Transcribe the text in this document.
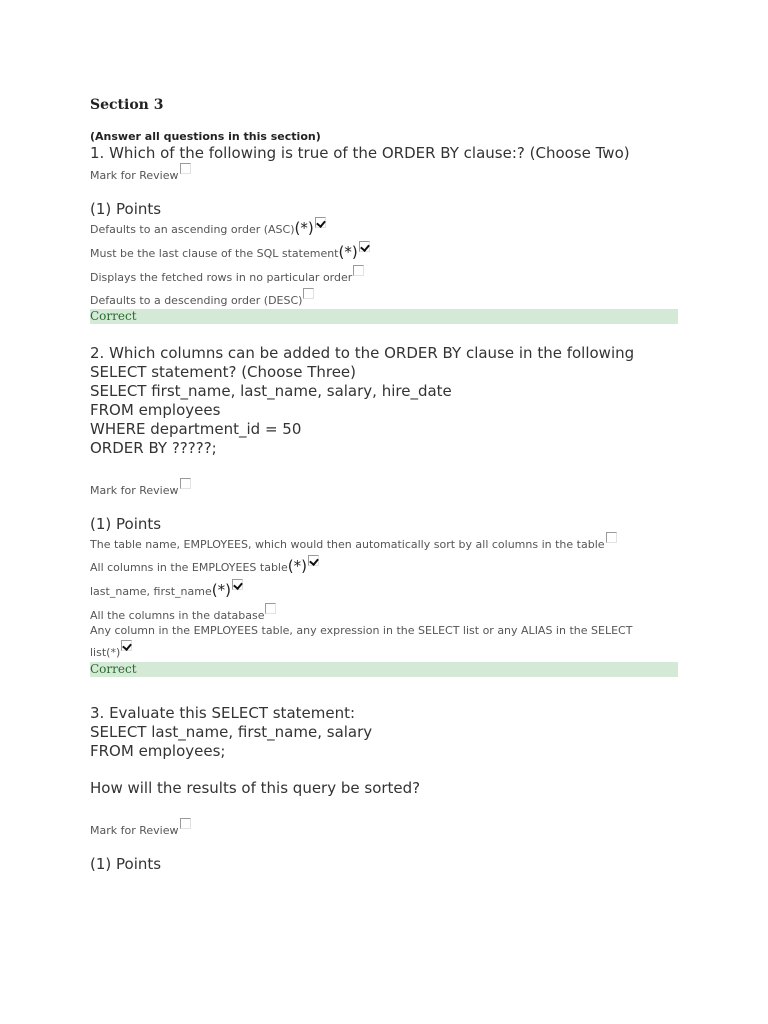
Section 3
(Answer all questions in this section)
1. Which of the following is true of the ORDER BY clause:? (Choose Two)
Mark for Review
(1) Points
Defaults to an ascending order (ASC) (*)
Must be the last clause of the SQL statement (*)
Displays the fetched rows in no particular order
Defaults to a descending order (DESC)
Correct
2. Which columns can be added to the ORDER BY clause in the following
SELECT statement? (Choose Three)
SELECT first_name, last_name, salary, hire_date
FROM employees
WHERE department_id = 50
ORDER BY ?????;
Mark for Review
(1) Points
The table name, EMPLOYEES, which would then automatically sort by all columns in the table
All columns in the EMPLOYEES table (*)
last_name, first_name (*)
All the columns in the database
Any column in the EMPLOYEES table, any expression in the SELECT list or any ALIAS in the SELECT
list (*)
Correct
3. Evaluate this SELECT statement:
SELECT last_name, first_name, salary
FROM employees;
How will the results of this query be sorted?
Mark for Review
(1) Points
